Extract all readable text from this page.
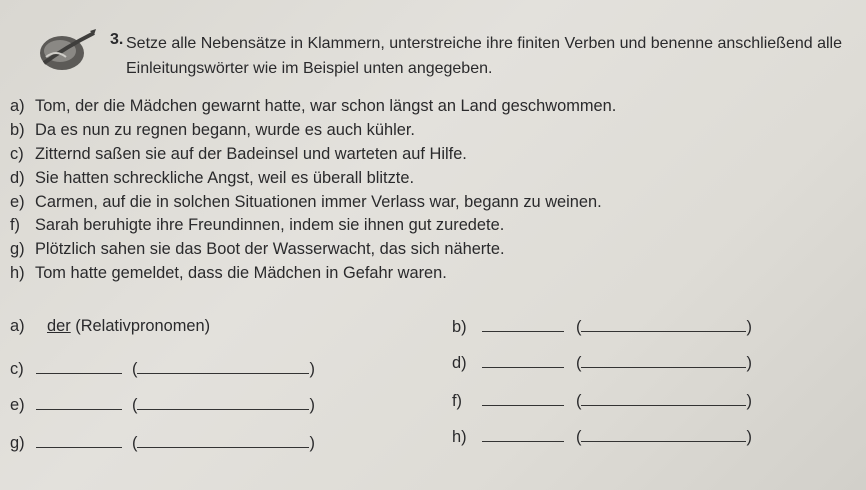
3. Setze alle Nebensätze in Klammern, unterstreiche ihre finiten Verben und benenne anschließend alle Einleitungswörter wie im Beispiel unten angegeben.
a) Tom, der die Mädchen gewarnt hatte, war schon längst an Land geschwommen.
b) Da es nun zu regnen begann, wurde es auch kühler.
c) Zitternd saßen sie auf der Badeinsel und warteten auf Hilfe.
d) Sie hatten schreckliche Angst, weil es überall blitzte.
e) Carmen, auf die in solchen Situationen immer Verlass war, begann zu weinen.
f) Sarah beruhigte ihre Freundinnen, indem sie ihnen gut zuredete.
g) Plötzlich sahen sie das Boot der Wasserwacht, das sich näherte.
h) Tom hatte gemeldet, dass die Mädchen in Gefahr waren.
a) der (Relativpronomen)	b)	(	)
c)	(	)	d)	(	)
e)	(	)	f)	(	)
g)	(	)	h)	(	)
